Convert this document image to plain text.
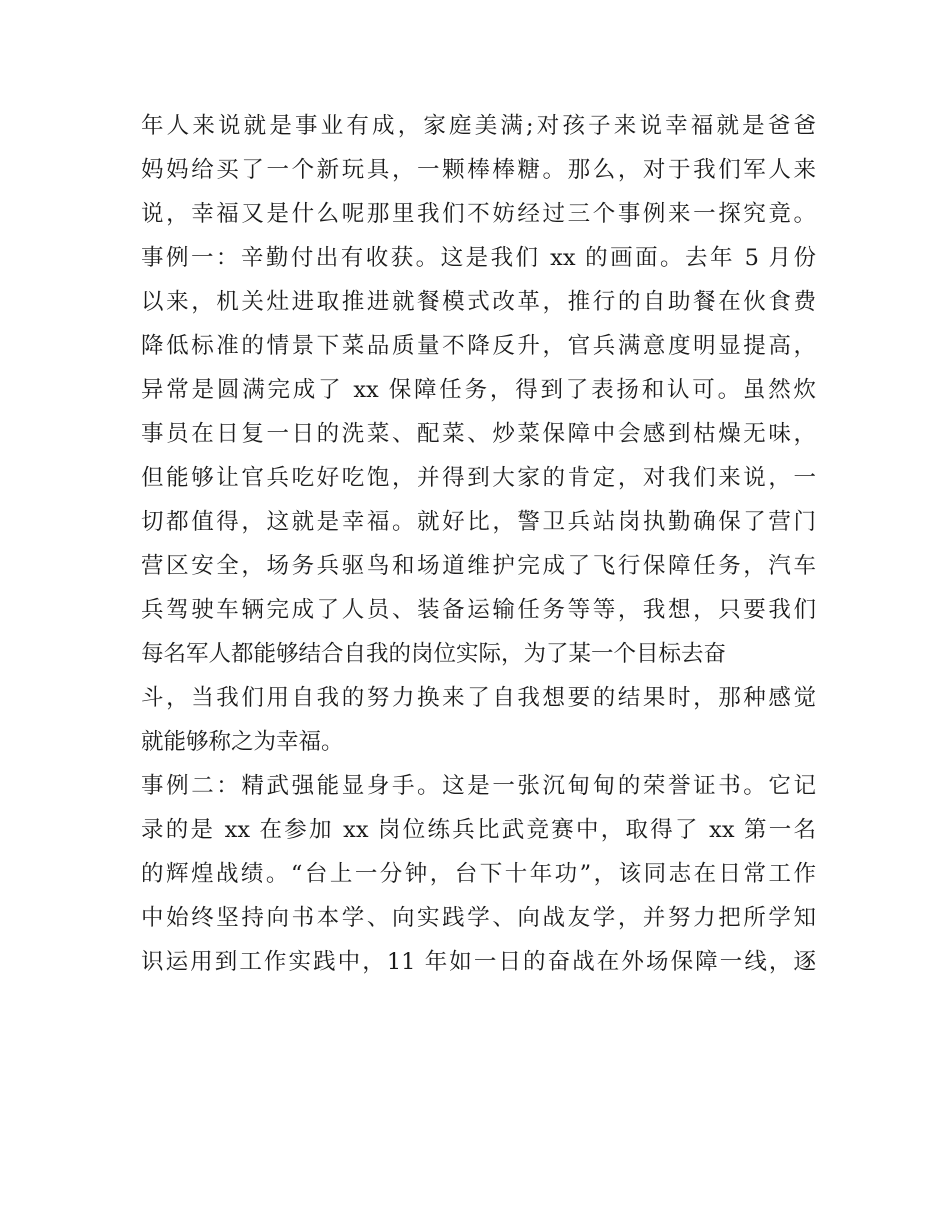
年人来说就是事业有成，家庭美满;对孩子来说幸福就是爸爸

妈妈给买了一个新玩具，一颗棒棒糖。那么，对于我们军人来

说，幸福又是什么呢那里我们不妨经过三个事例来一探究竟。

事例一：辛勤付出有收获。这是我们 xx 的画面。去年 5 月份

以来，机关灶进取推进就餐模式改革，推行的自助餐在伙食费

降低标准的情景下菜品质量不降反升，官兵满意度明显提高，

异常是圆满完成了 xx 保障任务，得到了表扬和认可。虽然炊

事员在日复一日的洗菜、配菜、炒菜保障中会感到枯燥无味，

但能够让官兵吃好吃饱，并得到大家的肯定，对我们来说，一

切都值得，这就是幸福。就好比，警卫兵站岗执勤确保了营门

营区安全，场务兵驱鸟和场道维护完成了飞行保障任务，汽车

兵驾驶车辆完成了人员、装备运输任务等等，我想，只要我们

每名军人都能够结合自我的岗位实际，为了某一个目标去奋

斗，当我们用自我的努力换来了自我想要的结果时，那种感觉

就能够称之为幸福。

事例二：精武强能显身手。这是一张沉甸甸的荣誉证书。它记

录的是 xx 在参加 xx 岗位练兵比武竞赛中，取得了 xx 第一名

的辉煌战绩。“台上一分钟，台下十年功”，该同志在日常工作

中始终坚持向书本学、向实践学、向战友学，并努力把所学知

识运用到工作实践中，11 年如一日的奋战在外场保障一线，逐
